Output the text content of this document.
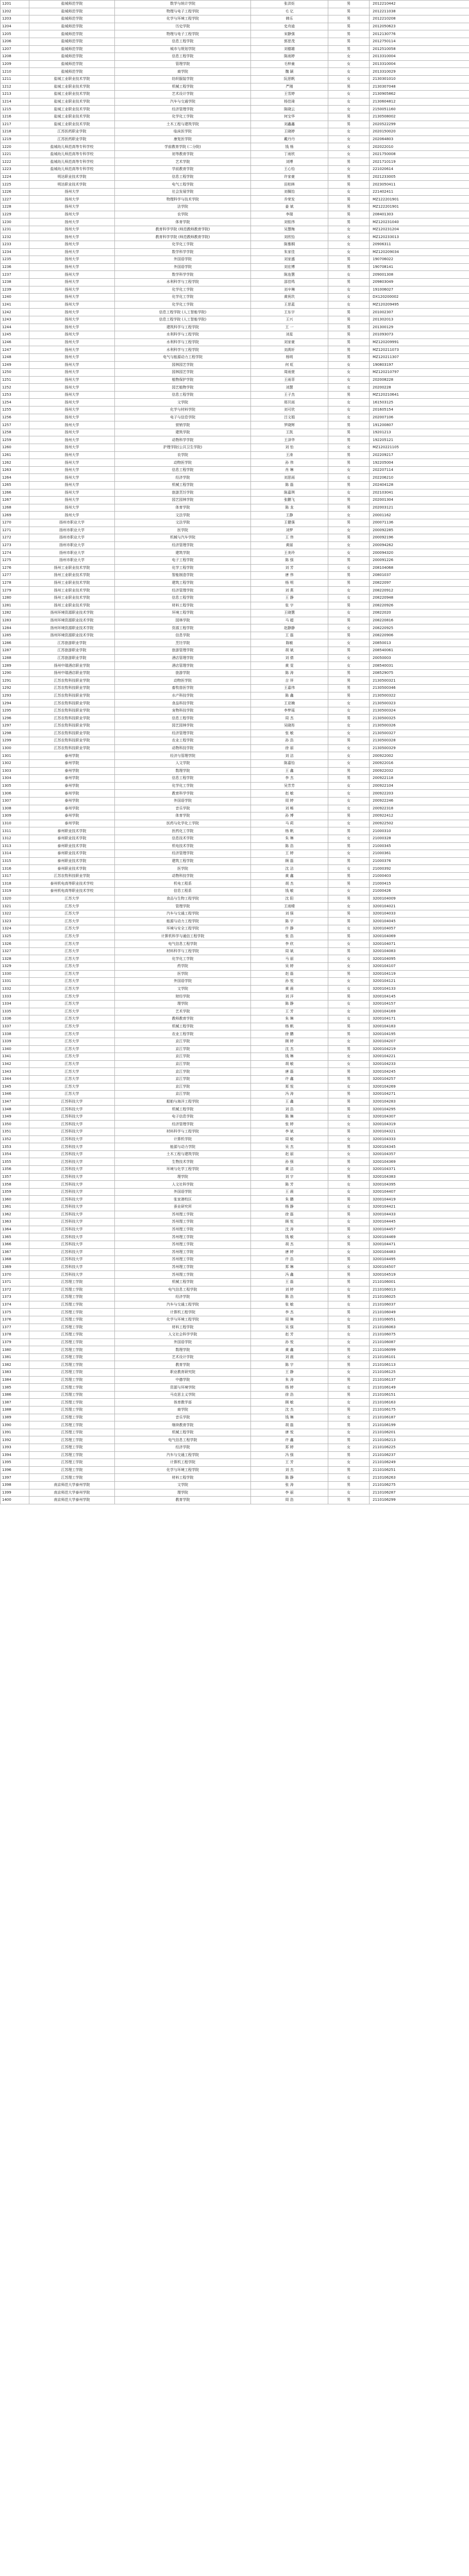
1201	盐城师范学院	数学与统计学院	张洪炬	男	2012210442
1202	盐城师范学院	物理与电子工程学院	毛 亿	男	2012211038
1203	盐城师范学院	化学与环境工程学院	韩乐	男	2012210208
1204	盐城师范学院	历史学院	史舟迪	男	2012050623
1205	盐城师范学院	物理与电子工程学院	宋静强	男	2012130776
1206	盐城师范学院	信息工程学院	郭思茂	男	2012750114
1207	盐城师范学院	城市与规划学院	刘德雄	男	2012510058
1208	盐城师范学院	信息工程学院	陈雨婷	女	2013310004
1209	盐城师范学院	管理学院	毛梓童	女	2013310004
1210	盐城师范学院	商学院	魏 颖	女	2013310029
1211	盐城工业职业技术学院	纺织服装学院	阮思帆	女	2130301010
1212	盐城工业职业技术学院	机械工程学院	严刚	男	2130307048
1213	盐城工业职业技术学院	艺术设计学院	王雪婷	女	2130905862
1214	盐城工业职业技术学院	汽车与交通学院	杨佳琦	女	2130604812
1215	盐城工业职业技术学院	经济管理学院	陈晓云	女	2150051160
1216	盐城工业职业技术学院	化学化工学院	何宝华	男	2130508002
1217	盐城工业职业技术学院	土木工程与建筑学院	刘鑫鑫	男	2020522299
1218	江苏医药职业学院	临床医学院	王晓婷	女	2020150020
1219	江苏医药职业学院	康复医学院	戴丹丹	女	202064803
1220	盐城幼儿师范高等专科学校	学前教育学院 (二分院)	钱 杨	女	202022010
1221	盐城幼儿师范高等专科学校	初等教育学院	丁雨欣	女	2021750008
1222	盐城幼儿师范高等专科学校	艺术学院	刘博	男	2021710119
1223	盐城幼儿师范高等专科学校	学前教育学院	王心怡	女	221020614
1224	明达职业技术学院	信息工程学院	许家豪	男	2021233005
1225	明达职业技术学院	电气工程学院	田柏林	男	2023050411
1226	扬州大学	社会发展学院	刘佩怡	女	221402411
1227	扬州大学	物理科学与技术学院	乔荣发	男	MZ122201901
1228	扬州大学	法学院	姜 斌	男	MZ122201901
1229	扬州大学	农学院	李瑞	男	208401303
1230	扬州大学	体育学院	刘铭伟	男	MZ120231040
1231	扬州大学	教育科学学院 (师范教师教育学院)	吴慧梅	女	MZ120231204
1232	扬州大学	教育科学学院 (师范教师教育学院)	刘欣怡	女	MZ120233013
1233	扬州大学	化学化工学院	陈雅桐	女	20906311
1234	扬州大学	数学科学学院	朱家佳	女	MZ120209034
1235	扬州大学	外国语学院	刘家盛	男	190706022
1236	扬州大学	外国语学院	刘宏博	男	190708141
1237	扬州大学	数学科学学院	陈连慧	女	209001308
1238	扬州大学	水利科学与工程学院	邵佳鸣	男	209803049
1239	扬州大学	化学化工学院	刘辛琳	女	191006027
1240	扬州大学	化学化工学院	黄祝玖	女	DX120200002
1241	扬州大学	化学化工学院	王思蓝	女	MZ120209495
1242	扬州大学	信息工程学院 (人工智能学院)	王东宇	男	201002307
1243	扬州大学	信息工程学院 (人工智能学院)	王兴	男	201302013
1244	扬州大学	建筑科学与工程学院	王 一	男	201300129
1245	扬州大学	水利科学与工程学院	刘星	男	201093073
1246	扬州大学	水利科学与工程学院	刘家豪	男	MZ120209991
1247	扬州大学	水利科学与工程学院	刘禹轩	男	MZ120211073
1248	扬州大学	电气与能源动力工程学院	杨明	男	MZ120211307
1249	扬州大学	园林园艺学院	何 虹	女	190803197
1250	扬州大学	园林园艺学院	周雨萱	女	MZ120210797
1251	扬州大学	植物保护学院	王雨菲	女	202008228
1252	扬州大学	园艺植物学院	刘慧	女	20200228
1253	扬州大学	信息工程学院	王子杰	男	MZ120210641
1254	扬州大学	文学院	邢贝雨	女	161503125
1255	扬州大学	化学与材料学院	刘可欣	女	201605154
1256	扬州大学	电子与信息学院	吕文娟	女	202007106
1257	扬州大学	营销学院	罗晓辉	男	191200807
1258	扬州大学	建筑学院	王凯	男	19201213
1259	扬州大学	动物科学学院	王泽华	男	192205121
1260	扬州大学	护理学院(公共卫生学院)	刘 怡	女	MZ120221105
1261	扬州大学	农学院	王涛	男	202209217
1262	扬州大学	动物医学院	孙 伟	男	192205004
1263	扬州大学	信息工程学院	肖 琳	女	202207114
1264	扬州大学	经济学院	刘思雨	女	202206210
1265	扬州大学	机械工程学院	陈 磊	男	202404128
1266	扬州大学	旅游烹饪学院	陈嘉琪	女	202103041
1267	扬州大学	园艺园林学院	张鹏飞	男	202001304
1268	扬州大学	体育学院	陈 龙	男	202003121
1269	扬州大学	文法学院	王静	女	20001162
1270	扬州市职业大学	文法学院	王健强	男	200071136
1271	扬州市职业大学	医学院	刘梦	女	200092285
1272	扬州市职业大学	机械与汽车学院	王 伟	男	200092196
1273	扬州市职业大学	经济管理学院	黄丽	女	200094262
1274	扬州市职业大学	建筑学院	王美玲	女	200094320
1275	扬州市职业大学	电子工程学院	陈 强	男	200091226
1276	扬州工业职业技术学院	化学工程学院	刘 芳	女	208104068
1277	扬州工业职业技术学院	智能制造学院	唐 伟	男	20801037
1278	扬州工业职业技术学院	建筑工程学院	杨 明	男	20822097
1279	扬州工业职业技术学院	经济管理学院	刘 燕	女	208220912
1280	扬州工业职业技术学院	信息工程学院	王 静	女	208220948
1281	扬州工业职业技术学院	材料工程学院	张 宇	男	208220926
1282	扬州环境资源职业技术学院	环境工程学院	王晓慧	女	20822020
1283	扬州环境资源职业技术学院	园林学院	马 超	男	208220816
1284	扬州环境资源职业技术学院	资源工程学院	赵静静	女	208220925
1285	扬州环境资源职业技术学院	信息学院	王 磊	男	208220906
1286	江苏旅游职业学院	烹饪学院	陈敏	女	20850013
1287	江苏旅游职业学院	旅游管理学院	胡 斌	男	208540061
1288	江苏旅游职业学院	酒店管理学院	刘 倩	女	20050003
1289	扬州中瑞酒店职业学院	酒店管理学院	黄 雯	女	208540031
1290	扬州中瑞酒店职业学院	旅游学院	陈 涛	男	208529075
1291	江苏农牧科技职业学院	动物医学院	吉 祥	男	2130500321
1292	江苏农牧科技职业学院	畜牧兽医学院	王嘉伟	男	2130500346
1293	江苏农牧科技职业学院	水产科技学院	陈 鑫	男	2130500322
1294	江苏农牧科技职业学院	食品科技学院	王亚楠	女	2130500323
1295	江苏农牧科技职业学院	宠物科技学院	李梦瑶	女	2130500324
1296	江苏农牧科技职业学院	信息工程学院	周 杰	男	2130500325
1297	江苏农牧科技职业学院	园艺园林学院	吴晓彤	女	2130500326
1298	江苏农牧科技职业学院	经济管理学院	张 敏	女	2130500327
1299	江苏农牧科技职业学院	农业工程学院	孙 浩	男	2130500328
1300	江苏农牧科技职业学院	动物科技学院	徐 丽	女	2130500329
1301	泰州学院	经济与管理学院	刘 洁	女	200922002
1302	泰州学院	人文学院	陈嘉怡	女	200922016
1303	泰州学院	数理学院	王 鑫	男	200922032
1304	泰州学院	信息工程学院	李 杰	男	200922118
1305	泰州学院	化学化工学院	吴芳芳	女	200922104
1306	泰州学院	教育科学学院	赵 敏	女	200922203
1307	泰州学院	外国语学院	周 婷	女	200922246
1308	泰州学院	音乐学院	刘 畅	女	200922318
1309	泰州学院	体育学院	孙 博	男	200922412
1310	泰州学院	医药与化学化工学院	马 莉	女	200922502
1311	泰州职业技术学院	医药化工学院	杨 帆	男	21000310
1312	泰州职业技术学院	信息技术学院	朱 琳	女	21000328
1313	泰州职业技术学院	机电技术学院	陈 浩	男	21000345
1314	泰州职业技术学院	经济管理学院	王 婷	女	21000361
1315	泰州职业技术学院	建筑工程学院	顾 磊	男	21000376
1316	泰州职业技术学院	医学院	沈 洁	女	21000392
1317	江苏农牧科技职业学院	动物科技学院	黄 鑫	男	21000403
1318	泰州机电高等职业技术学校	机电工程系	胡 杰	男	21000415
1319	泰州机电高等职业技术学校	信息工程系	钱 敏	女	21000426
1320	江苏大学	食品与生物工程学院	沈 阳	男	3200104009
1321	江苏大学	管理学院	王雨晴	女	3200104021
1322	江苏大学	汽车与交通工程学院	刘 强	男	3200104033
1323	江苏大学	能源与动力工程学院	陈 宇	男	3200104045
1324	江苏大学	环境与安全工程学院	许 静	女	3200104057
1325	江苏大学	计算机科学与通信工程学院	张 浩	男	3200104069
1326	江苏大学	电气信息工程学院	李 欣	女	3200104071
1327	江苏大学	材料科学与工程学院	周 斌	男	3200104083
1328	江苏大学	化学化工学院	马 丽	女	3200104095
1329	江苏大学	药学院	吴 婷	女	3200104107
1330	江苏大学	医学院	赵 磊	男	3200104119
1331	江苏大学	外国语学院	孙 悦	女	3200104121
1332	江苏大学	文学院	黄 晨	女	3200104133
1333	江苏大学	财经学院	刘 洋	男	3200104145
1334	江苏大学	理学院	陈 静	女	3200104157
1335	江苏大学	艺术学院	王 芳	女	3200104169
1336	江苏大学	教师教育学院	朱 琳	女	3200104171
1337	江苏大学	机械工程学院	杨 帆	男	3200104183
1338	江苏大学	农业工程学院	徐 鹏	男	3200104195
1339	江苏大学	京江学院	顾 婷	女	3200104207
1340	江苏大学	京江学院	沈 杰	男	3200104219
1341	江苏大学	京江学院	钱 琳	女	3200104221
1342	江苏大学	京江学院	胡 敏	女	3200104233
1343	江苏大学	京江学院	唐 磊	男	3200104245
1344	江苏大学	京江学院	许 鑫	男	3200104257
1345	江苏大学	京江学院	郑 悦	女	3200104269
1346	江苏大学	京江学院	冯 涛	男	3200104271
1347	江苏科技大学	船舶与海洋工程学院	王 鑫	男	3200104283
1348	江苏科技大学	机械工程学院	刘 浩	男	3200104295
1349	江苏科技大学	电子信息学院	陈 琳	女	3200104307
1350	江苏科技大学	经济管理学院	张 婷	女	3200104319
1351	江苏科技大学	材料科学与工程学院	李 斌	男	3200104321
1352	江苏科技大学	计算机学院	周 敏	女	3200104333
1353	江苏科技大学	能源与动力学院	吴 杰	男	3200104345
1354	江苏科技大学	土木工程与建筑学院	赵 丽	女	3200104357
1355	江苏科技大学	生物技术学院	孙 强	男	3200104369
1356	江苏科技大学	环境与化学工程学院	黄 洁	女	3200104371
1357	江苏科技大学	理学院	刘 宇	男	3200104383
1358	江苏科技大学	人文社科学院	陈 芳	女	3200104395
1359	江苏科技大学	外国语学院	王 晨	女	3200104407
1360	江苏科技大学	张家港校区	朱 鹏	男	3200104419
1361	江苏科技大学	蚕业研究所	杨 静	女	3200104421
1362	江苏科技大学	苏州理工学院	徐 磊	男	3200104433
1363	江苏科技大学	苏州理工学院	顾 悦	女	3200104445
1364	江苏科技大学	苏州理工学院	沈 涛	男	3200104457
1365	江苏科技大学	苏州理工学院	钱 敏	女	3200104469
1366	江苏科技大学	苏州理工学院	胡 杰	男	3200104471
1367	江苏科技大学	苏州理工学院	唐 婷	女	3200104483
1368	江苏科技大学	苏州理工学院	许 浩	男	3200104495
1369	江苏科技大学	苏州理工学院	郑 琳	女	3200104507
1370	江苏科技大学	苏州理工学院	冯 鑫	男	3200104519
1371	江苏理工学院	机械工程学院	王 磊	男	2110106001
1372	江苏理工学院	电气信息工程学院	刘 婷	女	2110106013
1373	江苏理工学院	经济学院	陈 浩	男	2110106025
1374	江苏理工学院	汽车与交通工程学院	张 敏	女	2110106037
1375	江苏理工学院	计算机工程学院	李 杰	男	2110106049
1376	江苏理工学院	化学与环境工程学院	周 琳	女	2110106051
1377	江苏理工学院	材料工程学院	吴 强	男	2110106063
1378	江苏理工学院	人文社会科学学院	赵 芳	女	2110106075
1379	江苏理工学院	外国语学院	孙 悦	女	2110106087
1380	江苏理工学院	数理学院	黄 鑫	男	2110106099
1381	江苏理工学院	艺术设计学院	刘 晨	女	2110106101
1382	江苏理工学院	教育学院	陈 宇	男	2110106113
1383	江苏理工学院	职业教育研究院	王 静	女	2110106125
1384	江苏理工学院	中德学院	朱 涛	男	2110106137
1385	江苏理工学院	资源与环境学院	杨 婷	女	2110106149
1386	江苏理工学院	马克思主义学院	徐 浩	男	2110106151
1387	江苏理工学院	体育教学部	顾 敏	女	2110106163
1388	江苏理工学院	商学院	沈 杰	男	2110106175
1389	江苏理工学院	音乐学院	钱 琳	女	2110106187
1390	江苏理工学院	继续教育学院	胡 磊	男	2110106199
1391	江苏理工学院	机械工程学院	唐 悦	女	2110106201
1392	江苏理工学院	电气信息工程学院	许 鑫	男	2110106213
1393	江苏理工学院	经济学院	郑 婷	女	2110106225
1394	江苏理工学院	汽车与交通工程学院	冯 强	男	2110106237
1395	江苏理工学院	计算机工程学院	王 芳	女	2110106249
1396	江苏理工学院	化学与环境工程学院	刘 杰	男	2110106251
1397	江苏理工学院	材料工程学院	陈 静	女	2110106263
1398	南京师范大学泰州学院	文学院	张 涛	男	2110106275
1399	南京师范大学泰州学院	理学院	李 丽	女	2110106287
1400	南京师范大学泰州学院	教育学院	周 浩	男	2110106299
